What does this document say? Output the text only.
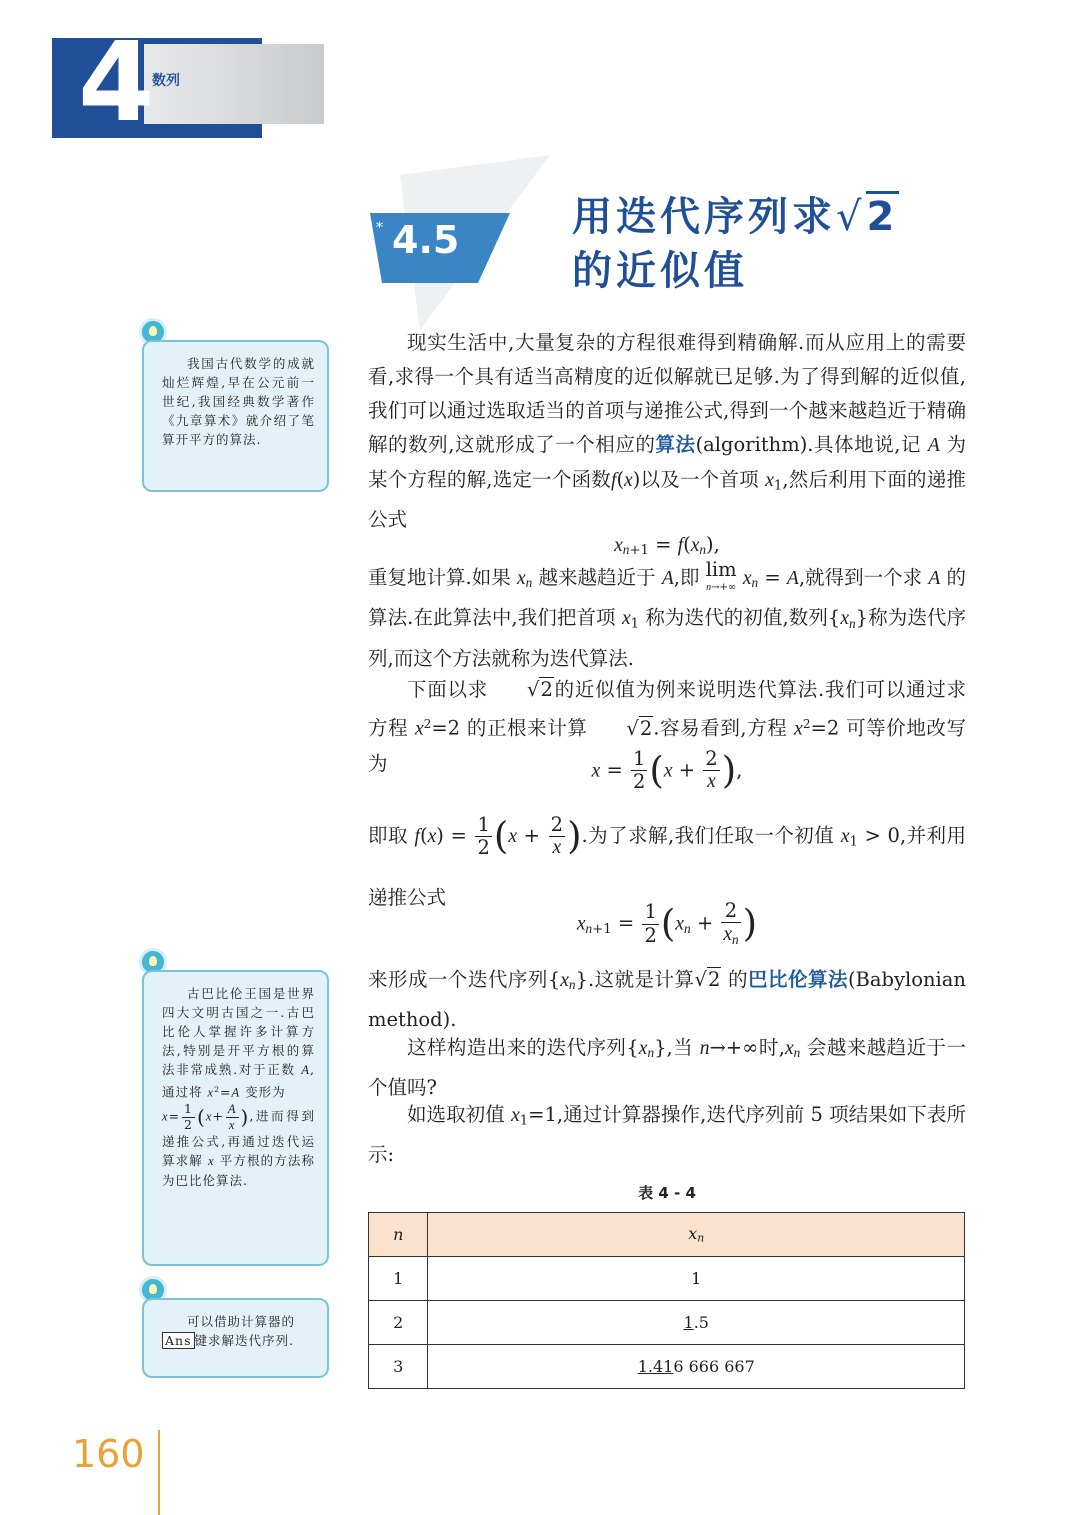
4
数列
* 4.5	用迭代序列求√2
的近似值
现实生活中,大量复杂的方程很难得到精确解.而从应用上的需要看,求得一个具有适当高精度的近似解就已足够.为了得到解的近似值,我们可以通过选取适当的首项与递推公式,得到一个越来越趋近于精确解的数列,这就形成了一个相应的算法(algorithm).具体地说,记 A 为某个方程的解,选定一个函数f(x)以及一个首项 $x_1$,然后利用下面的递推公式
$x_{n+1} = f(x_n)$,
重复地计算.如果 $x_n$ 越来越趋近于 A,即 lim
n→+∞ $x_n = A$,就得到一个求 A 的算法.在此算法中,我们把首项 $x_1$ 称为迭代的初值,数列$\{x_n\}$称为迭代序列,而这个方法就称为迭代算法.
下面以求 √2的近似值为例来说明迭代算法.我们可以通过求方程 $x^2=2$ 的正根来计算 √2.容易看到,方程 $x^2=2$ 可等价地改写为	$x = \frac{1}{2} (x + \frac{2}{x}$ ),
即取 $f(x) = \frac{1}{2} (x + \frac{2}{x}$ ).为了求解,我们任取一个初值 $x_1 > 0$,并利用递推公式
$x_{n+1} = \frac{1}{2} (x_n + \frac{2}{x_n}$ )
来形成一个迭代序列$\{x_n\}$.这就是计算√2 的巴比伦算法(Babylonian method).
这样构造出来的迭代序列$\{x_n\}$,当 n→+∞时$,x_n$ 会越来越趋近于一个值吗?
如选取初值 $x_1=1$,通过计算器操作,迭代序列前 5 项结果如下表所示:
表 4 - 4
n	$x_n$
1	1
2	1.5
3	1.416 666 667
我国古代数学的成就灿烂辉煌,早在公元前一世纪,我国经典数学著作《九章算术》就介绍了笔算开平方的算法.
古巴比伦王国是世界四大文明古国之一.古巴比伦人掌握许多计算方法,特别是开平方根的算法非常成熟.对于正数 A,通过将 $x^2=A$ 变形为
$x= \frac{1}{2} (x+ \frac{A}{x}$ ),进而得到递推公式,再通过迭代运算求解 x 平方根的方法称为巴比伦算法.
可以借助计算器的
Ans 键求解迭代序列.
160
